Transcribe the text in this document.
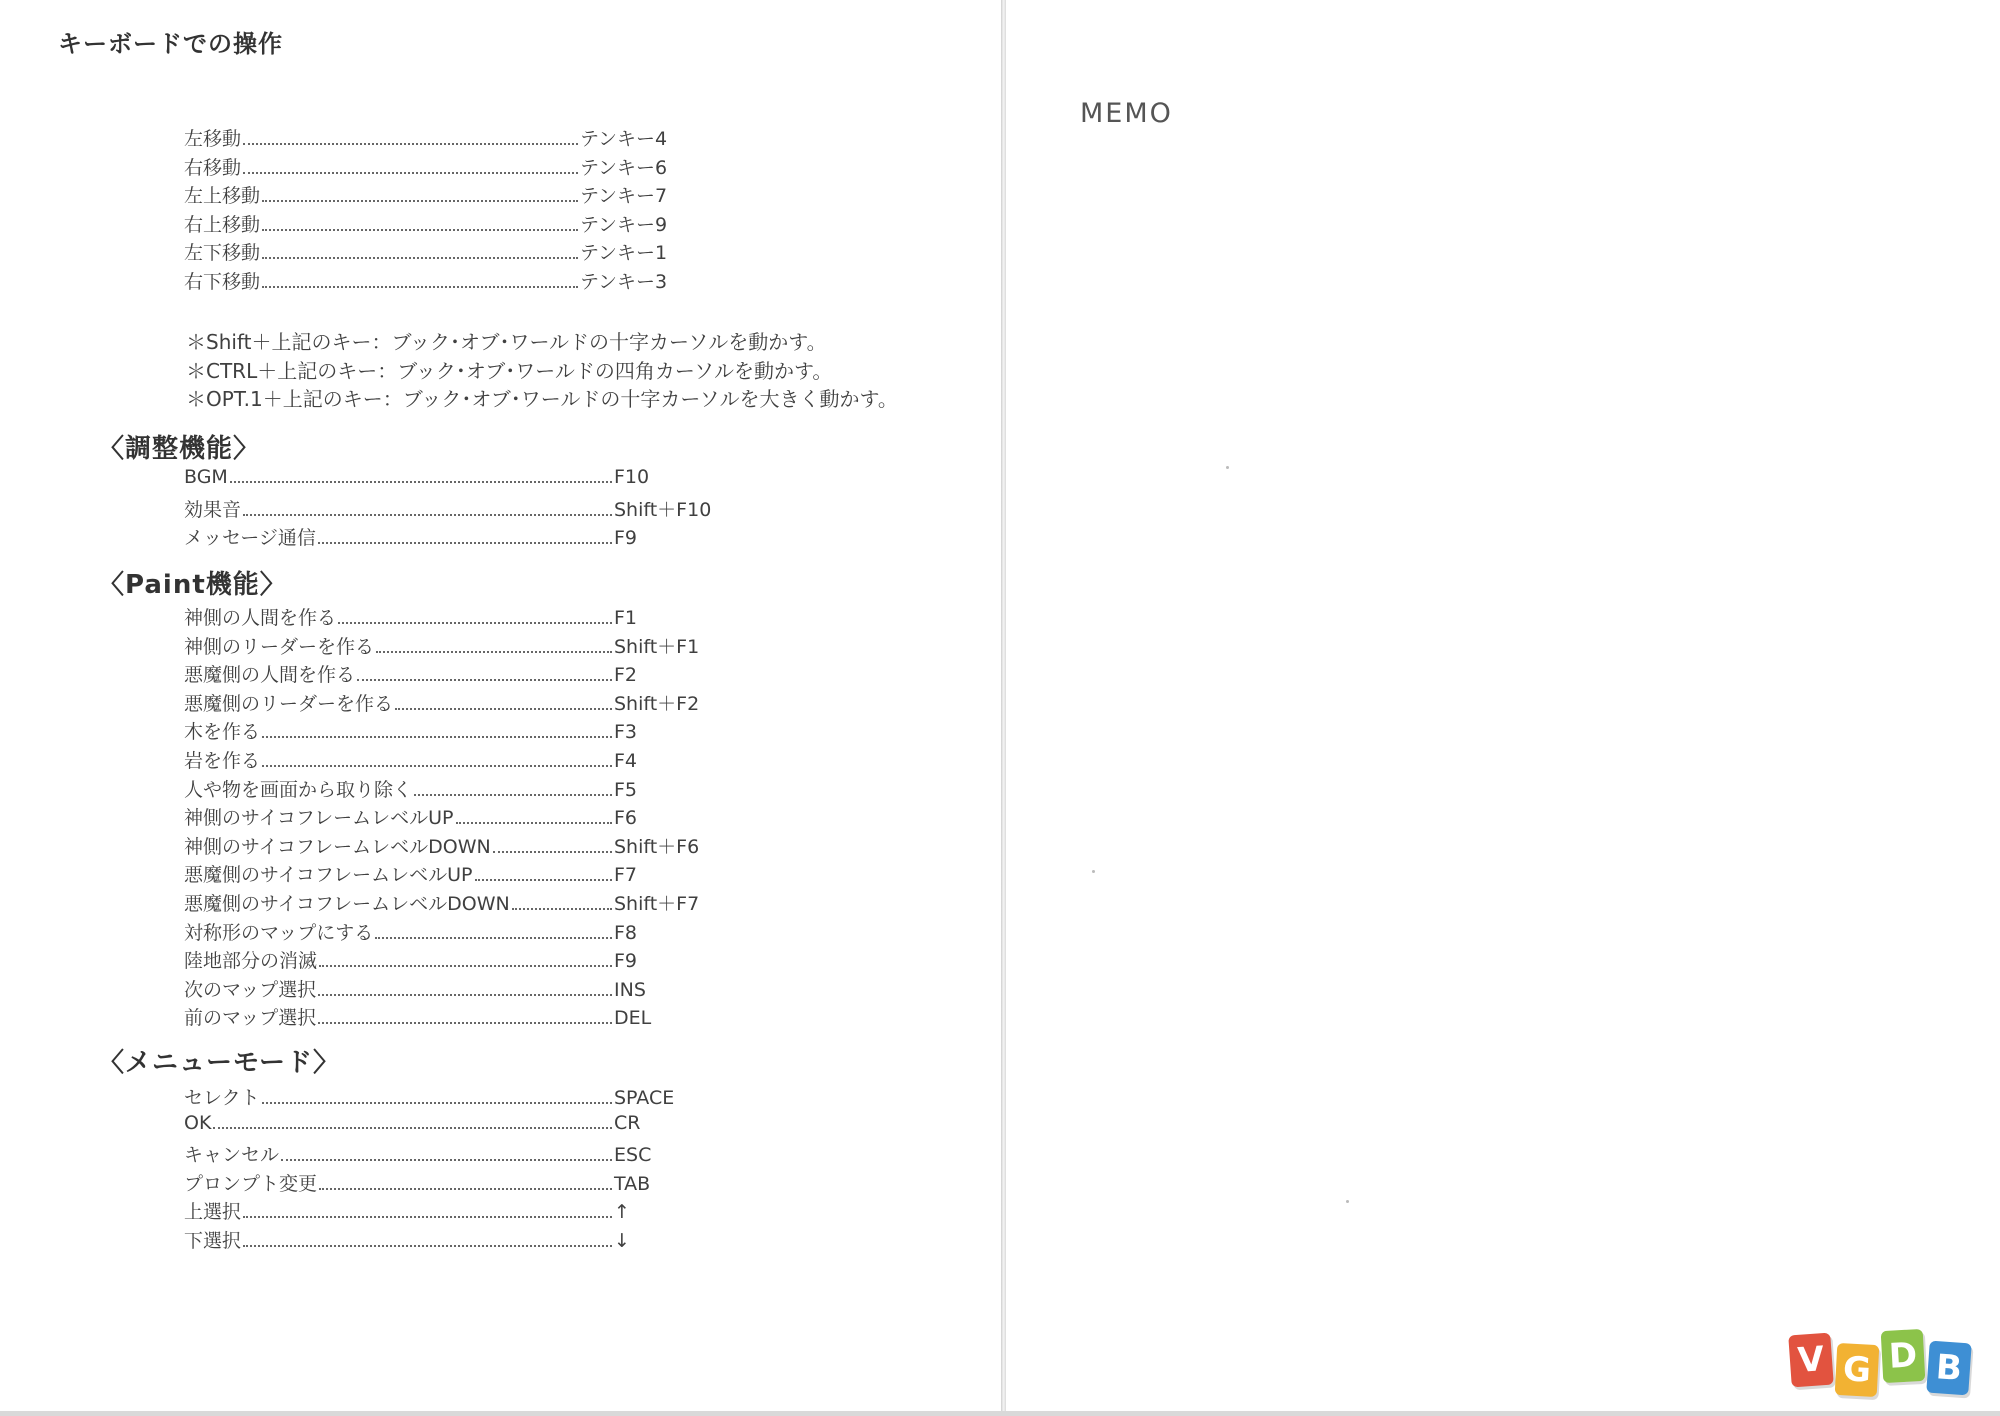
キーボードでの操作
左移動	テンキー4
右移動	テンキー6
左上移動	テンキー7
右上移動	テンキー9
左下移動	テンキー1
右下移動	テンキー3
＊Shift＋上記のキー：ブック･オブ･ワールドの十字カーソルを動かす。
＊CTRL＋上記のキー：ブック･オブ･ワールドの四角カーソルを動かす。
＊OPT.1＋上記のキー：ブック･オブ･ワールドの十字カーソルを大きく動かす。
〈調整機能〉
BGM	F10
効果音	Shift＋F10
メッセージ通信	F9
〈Paint機能〉
神側の人間を作る	F1
神側のリーダーを作る	Shift＋F1
悪魔側の人間を作る	F2
悪魔側のリーダーを作る	Shift＋F2
木を作る	F3
岩を作る	F4
人や物を画面から取り除く	F5
神側のサイコフレームレベルUP	F6
神側のサイコフレームレベルDOWN	Shift＋F6
悪魔側のサイコフレームレベルUP	F7
悪魔側のサイコフレームレベルDOWN	Shift＋F7
対称形のマップにする	F8
陸地部分の消滅	F9
次のマップ選択	INS
前のマップ選択	DEL
〈メニューモード〉
セレクト	SPACE
OK	CR
キャンセル	ESC
プロンプト変更	TAB
上選択	↑
下選択	↓
MEMO
V G D B
